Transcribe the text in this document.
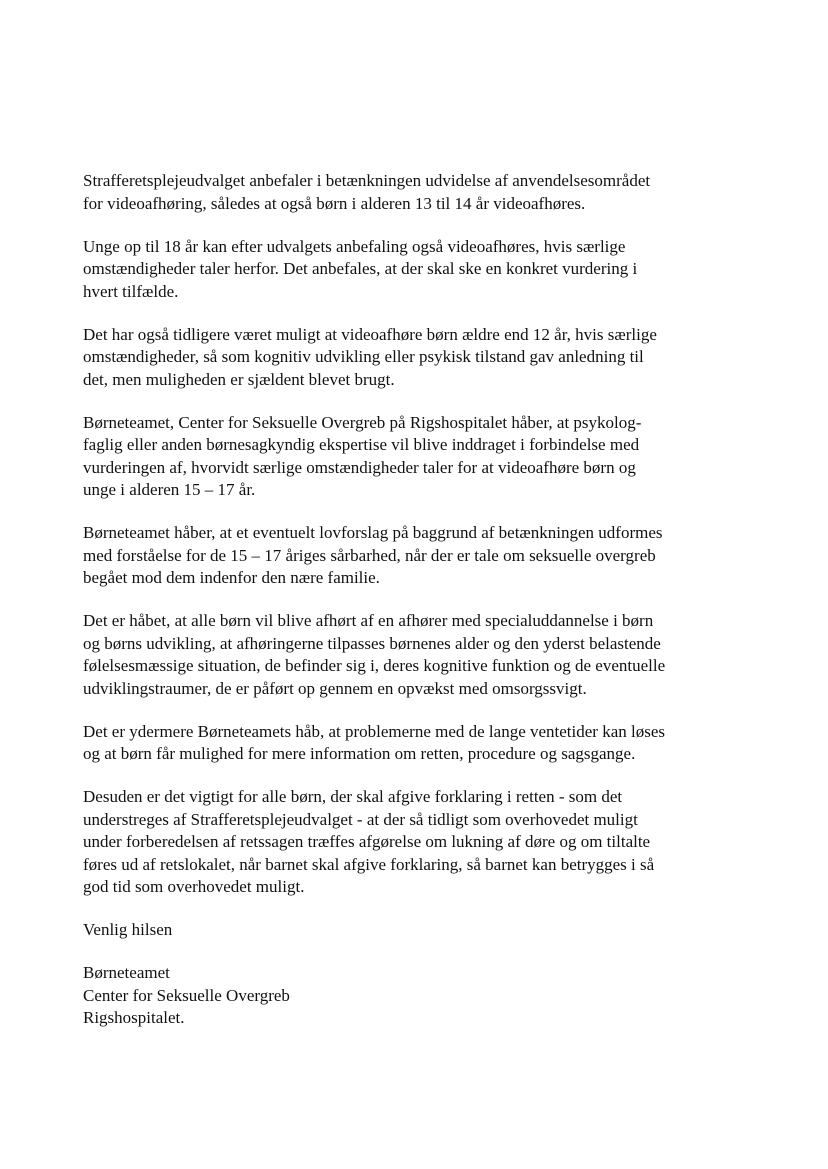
Strafferetsplejeudvalget anbefaler i betænkningen udvidelse af anvendelsesområdet
for videoafhøring, således at også børn i alderen 13 til 14 år videoafhøres.

Unge op til 18 år kan efter udvalgets anbefaling også videoafhøres, hvis særlige
omstændigheder taler herfor. Det anbefales, at der skal ske en konkret vurdering i
hvert tilfælde.

Det har også tidligere været muligt at videoafhøre børn ældre end 12 år, hvis særlige
omstændigheder, så som kognitiv udvikling eller psykisk tilstand gav anledning til
det, men muligheden er sjældent blevet brugt.

Børneteamet, Center for Seksuelle Overgreb på Rigshospitalet håber, at psykolog-
faglig eller anden børnesagkyndig ekspertise vil blive inddraget i forbindelse med
vurderingen af, hvorvidt særlige omstændigheder taler for at videoafhøre børn og
unge i alderen 15 – 17 år.

Børneteamet håber, at et eventuelt lovforslag på baggrund af betænkningen udformes
med forståelse for de 15 – 17 åriges sårbarhed, når der er tale om seksuelle overgreb
begået mod dem indenfor den nære familie.

Det er håbet, at alle børn vil blive afhørt af en afhører med specialuddannelse i børn
og børns udvikling, at afhøringerne tilpasses børnenes alder og den yderst belastende
følelsesmæssige situation, de befinder sig i, deres kognitive funktion og de eventuelle
udviklingstraumer, de er påført op gennem en opvækst med omsorgssvigt.

Det er ydermere Børneteamets håb, at problemerne med de lange ventetider kan løses
og at børn får mulighed for mere information om retten, procedure og sagsgange.

Desuden er det vigtigt for alle børn, der skal afgive forklaring i retten - som det
understreges af Strafferetsplejeudvalget - at der så tidligt som overhovedet muligt
under forberedelsen af retssagen træffes afgørelse om lukning af døre og om tiltalte
føres ud af retslokalet, når barnet skal afgive forklaring, så barnet kan betrygges i så
god tid som overhovedet muligt.

Venlig hilsen

Børneteamet
Center for Seksuelle Overgreb
Rigshospitalet.
